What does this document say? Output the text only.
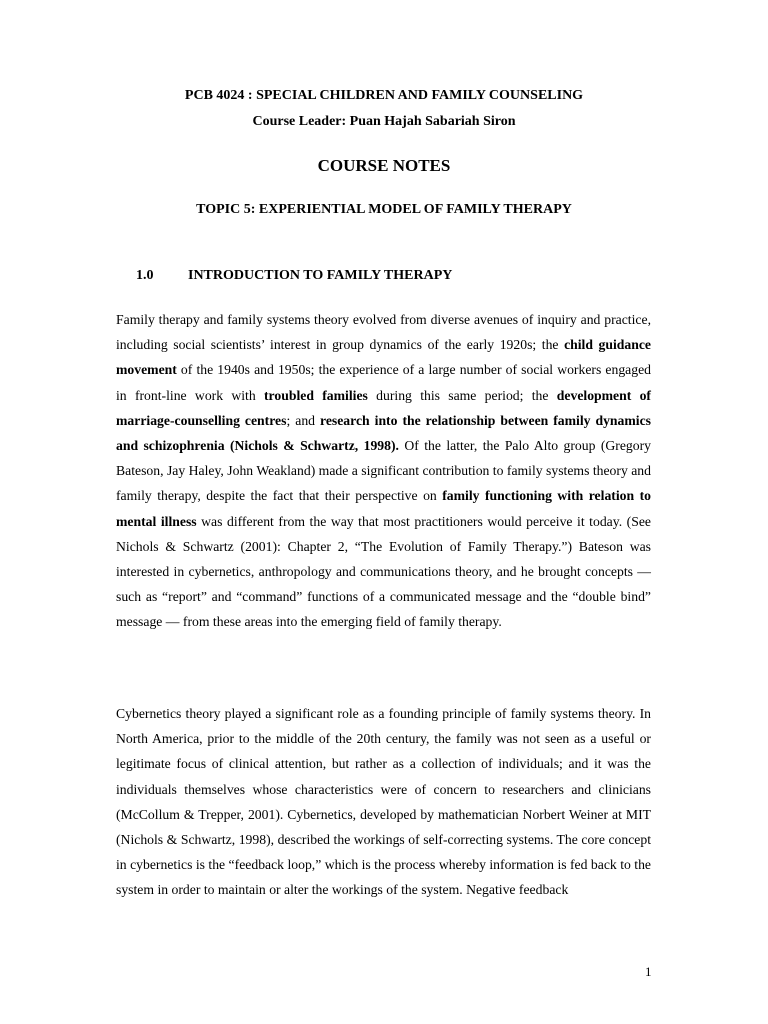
PCB 4024 : SPECIAL CHILDREN AND FAMILY COUNSELING
Course Leader: Puan Hajah Sabariah Siron
COURSE NOTES
TOPIC 5: EXPERIENTIAL MODEL OF FAMILY THERAPY
1.0 INTRODUCTION TO FAMILY THERAPY

Family therapy and family systems theory evolved from diverse avenues of inquiry and practice, including social scientists’ interest in group dynamics of the early 1920s; the child guidance movement of the 1940s and 1950s; the experience of a large number of social workers engaged in front-line work with troubled families during this same period; the development of marriage-counselling centres; and research into the relationship between family dynamics and schizophrenia (Nichols & Schwartz, 1998). Of the latter, the Palo Alto group (Gregory Bateson, Jay Haley, John Weakland) made a significant contribution to family systems theory and family therapy, despite the fact that their perspective on family functioning with relation to mental illness was different from the way that most practitioners would perceive it today. (See Nichols & Schwartz (2001): Chapter 2, “The Evolution of Family Therapy.”) Bateson was interested in cybernetics, anthropology and communications theory, and he brought concepts — such as “report” and “command” functions of a communicated message and the “double bind” message — from these areas into the emerging field of family therapy.

Cybernetics theory played a significant role as a founding principle of family systems theory. In North America, prior to the middle of the 20th century, the family was not seen as a useful or legitimate focus of clinical attention, but rather as a collection of individuals; and it was the individuals themselves whose characteristics were of concern to researchers and clinicians (McCollum & Trepper, 2001). Cybernetics, developed by mathematician Norbert Weiner at MIT (Nichols & Schwartz, 1998), described the workings of self-correcting systems. The core concept in cybernetics is the “feedback loop,” which is the process whereby information is fed back to the system in order to maintain or alter the workings of the system. Negative feedback

1
